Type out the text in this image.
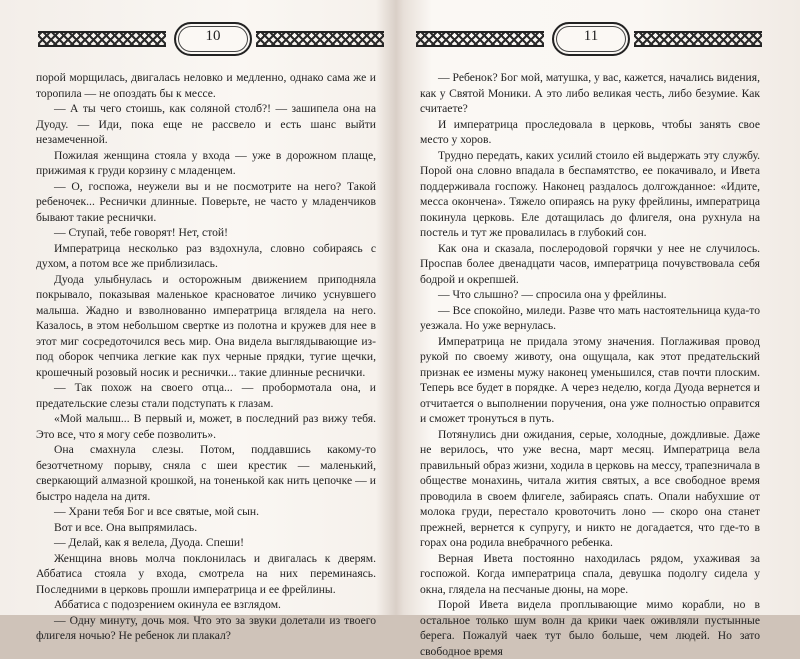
10

порой морщилась, двигалась неловко и медленно, однако сама же и торопила — не опоздать бы к мессе.

— А ты чего стоишь, как соляной столб?! — зашипела она на Дуоду. — Иди, пока еще не рассвело и есть шанс выйти незамеченной.

Пожилая женщина стояла у входа — уже в дорожном плаще, прижимая к груди корзину с младенцем.

— О, госпожа, неужели вы и не посмотрите на него? Такой ребеночек... Реснички длинные. Поверьте, не часто у младенчиков бывают такие реснички.

— Ступай, тебе говорят! Нет, стой!

Императрица несколько раз вздохнула, словно собираясь с духом, а потом все же приблизилась.

Дуода улыбнулась и осторожным движением приподняла покрывало, показывая маленькое красноватое личико уснувшего малыша. Жадно и взволнованно императрица вглядела на него. Казалось, в этом небольшом свертке из полотна и кружев для нее в этот миг сосредоточился весь мир. Она видела выглядывающие из-под оборок чепчика легкие как пух черные прядки, тугие щечки, крошечный розовый носик и реснички... такие длинные реснички.

— Так похож на своего отца... — пробормотала она, и предательские слезы стали подступать к глазам.

«Мой малыш... В первый и, может, в последний раз вижу тебя. Это все, что я могу себе позволить».

Она смахнула слезы. Потом, поддавшись какому-то безотчетному порыву, сняла с шеи крестик — маленький, сверкающий алмазной крошкой, на тоненькой как нить цепочке — и быстро надела на дитя.

— Храни тебя Бог и все святые, мой сын.

Вот и все. Она выпрямилась.

— Делай, как я велела, Дуода. Спеши!

Женщина вновь молча поклонилась и двигалась к дверям. Аббатиса стояла у входа, смотрела на них переминаясь. Последними в церковь прошли императрица и ее фрейлины.

Аббатиса с подозрением окинула ее взглядом.

— Одну минуту, дочь моя. Что это за звуки долетали из твоего флигеля ночью? Не ребенок ли плакал?

11

— Ребенок? Бог мой, матушка, у вас, кажется, начались видения, как у Святой Моники. А это либо великая честь, либо безумие. Как считаете?

И императрица проследовала в церковь, чтобы занять свое место у хоров.

Трудно передать, каких усилий стоило ей выдержать эту службу. Порой она словно впадала в беспамятство, ее покачивало, и Ивета поддерживала госпожу. Наконец раздалось долгожданное: «Идите, месса окончена». Тяжело опираясь на руку фрейлины, императрица покинула церковь. Еле дотащилась до флигеля, она рухнула на постель и тут же провалилась в глубокий сон.

Как она и сказала, послеродовой горячки у нее не случилось. Проспав более двенадцати часов, императрица почувствовала себя бодрой и окрепшей.

— Что слышно? — спросила она у фрейлины.

— Все спокойно, миледи. Разве что мать настоятельница куда-то уезжала. Но уже вернулась.

Императрица не придала этому значения. Поглаживая провод рукой по своему животу, она ощущала, как этот предательский признак ее измены мужу наконец уменьшился, став почти плоским. Теперь все будет в порядке. А через неделю, когда Дуода вернется и отчитается о выполнении поручения, она уже полностью оправится и сможет тронуться в путь.

Потянулись дни ожидания, серые, холодные, дождливые. Даже не верилось, что уже весна, март месяц. Императрица вела правильный образ жизни, ходила в церковь на мессу, трапезничала в обществе монахинь, читала жития святых, а все свободное время проводила в своем флигеле, забираясь спать. Опали набухшие от молока груди, перестало кровоточить лоно — скоро она станет прежней, вернется к супругу, и никто не догадается, что где-то в горах она родила внебрачного ребенка.

Верная Ивета постоянно находилась рядом, ухаживая за госпожой. Когда императрица спала, девушка подолгу сидела у окна, глядела на песчаные дюны, на море.

Порой Ивета видела проплывающие мимо корабли, но в остальное только шум волн да крики чаек оживляли пустынные берега. Пожалуй чаек тут было больше, чем людей. Но зато свободное время
